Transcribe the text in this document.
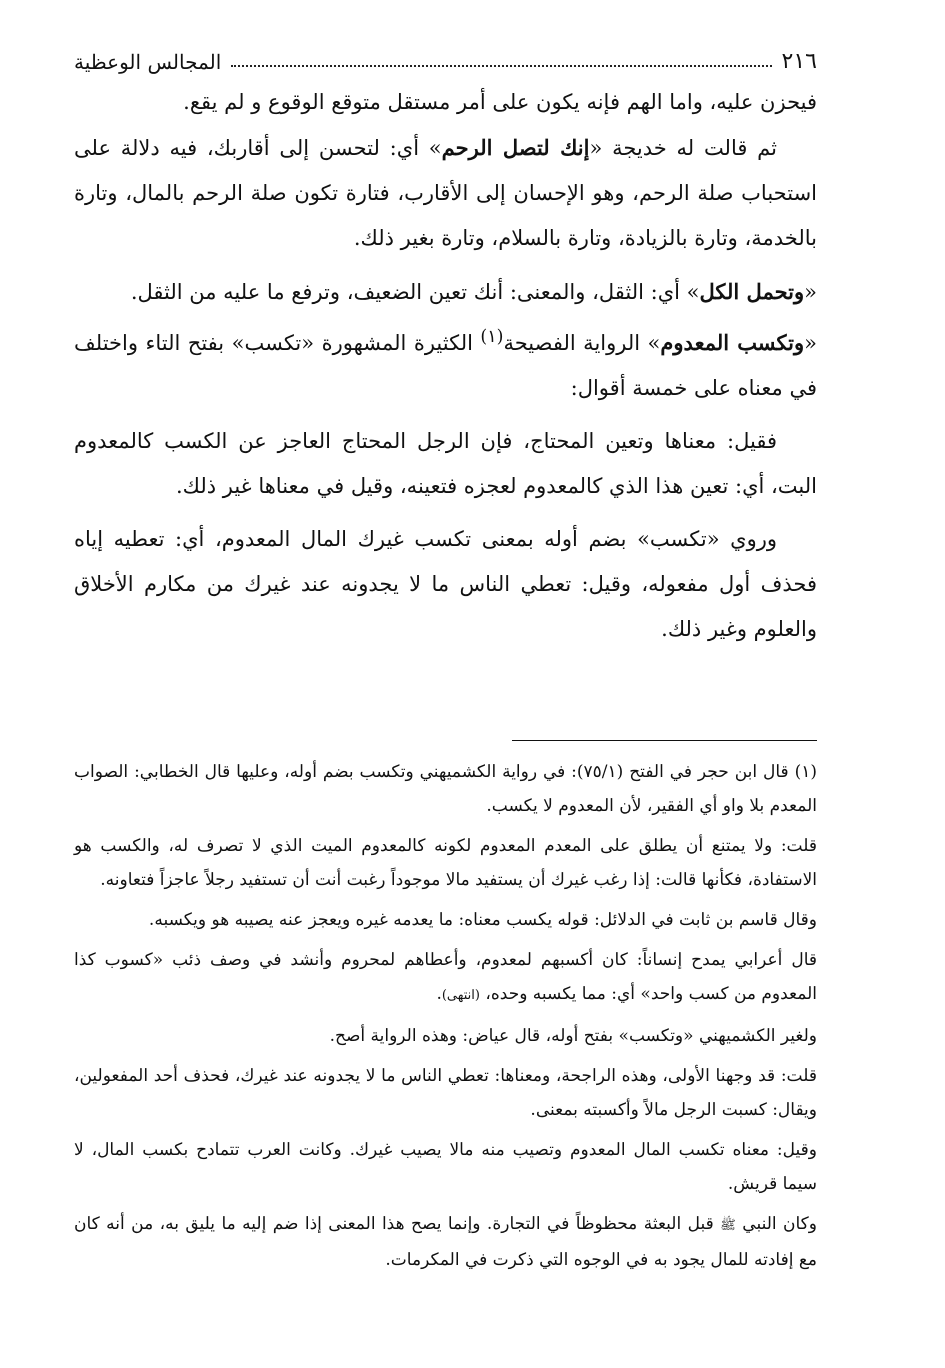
٢١٦
المجالس الوعظية

فيحزن عليه، واما الهم فإنه يكون على أمر مستقل متوقع الوقوع و لم يقع.

ثم قالت له خديجة «إنك لتصل الرحم» أي: لتحسن إلى أقاربك، فيه دلالة على استحباب صلة الرحم، وهو الإحسان إلى الأقارب، فتارة تكون صلة الرحم بالمال، وتارة بالخدمة، وتارة بالزيادة، وتارة بالسلام، وتارة بغير ذلك.

«وتحمل الكل» أي: الثقل، والمعنى: أنك تعين الضعيف، وترفع ما عليه من الثقل.

«وتكسب المعدوم» الرواية الفصيحة$^{(١)}$ الكثيرة المشهورة «تكسب» بفتح التاء واختلف في معناه على خمسة أقوال:

فقيل: معناها وتعين المحتاج، فإن الرجل المحتاج العاجز عن الكسب كالمعدوم البت، أي: تعين هذا الذي كالمعدوم لعجزه فتعينه، وقيل في معناها غير ذلك.

وروي «تكسب» بضم أوله بمعنى تكسب غيرك المال المعدوم، أي: تعطيه إياه فحذف أول مفعوله، وقيل: تعطي الناس ما لا يجدونه عند غيرك من مكارم الأخلاق والعلوم وغير ذلك.

(١) قال ابن حجر في الفتح (٧٥/١): في رواية الكشميهني وتكسب بضم أوله، وعليها قال الخطابي: الصواب المعدم بلا واو أي الفقير، لأن المعدوم لا يكسب.

قلت: ولا يمتنع أن يطلق على المعدم المعدوم لكونه كالمعدوم الميت الذي لا تصرف له، والكسب هو الاستفادة، فكأنها قالت: إذا رغب غيرك أن يستفيد مالا موجوداً رغبت أنت أن تستفيد رجلاً عاجزاً فتعاونه.

وقال قاسم بن ثابت في الدلائل: قوله يكسب معناه: ما يعدمه غيره ويعجز عنه يصيبه هو ويكسبه.

قال أعرابي يمدح إنساناً: كان أكسبهم لمعدوم، وأعطاهم لمحروم وأنشد في وصف ذئب «كسوب كذا المعدوم من كسب واحد» أي: مما يكسبه وحده، (انتهى).

ولغير الكشميهني «وتكسب» بفتح أوله، قال عياض: وهذه الرواية أصح.

قلت: قد وجهنا الأولى، وهذه الراجحة، ومعناها: تعطي الناس ما لا يجدونه عند غيرك، فحذف أحد المفعولين، ويقال: كسبت الرجل مالاً وأكسبته بمعنى.

وقيل: معناه تكسب المال المعدوم وتصيب منه مالا يصيب غيرك. وكانت العرب تتمادح بكسب المال، لا سيما قريش.

وكان النبي ﷺ قبل البعثة محظوظاً في التجارة. وإنما يصح هذا المعنى إذا ضم إليه ما يليق به، من أنه كان مع إفادته للمال يجود به في الوجوه التي ذكرت في المكرمات.
